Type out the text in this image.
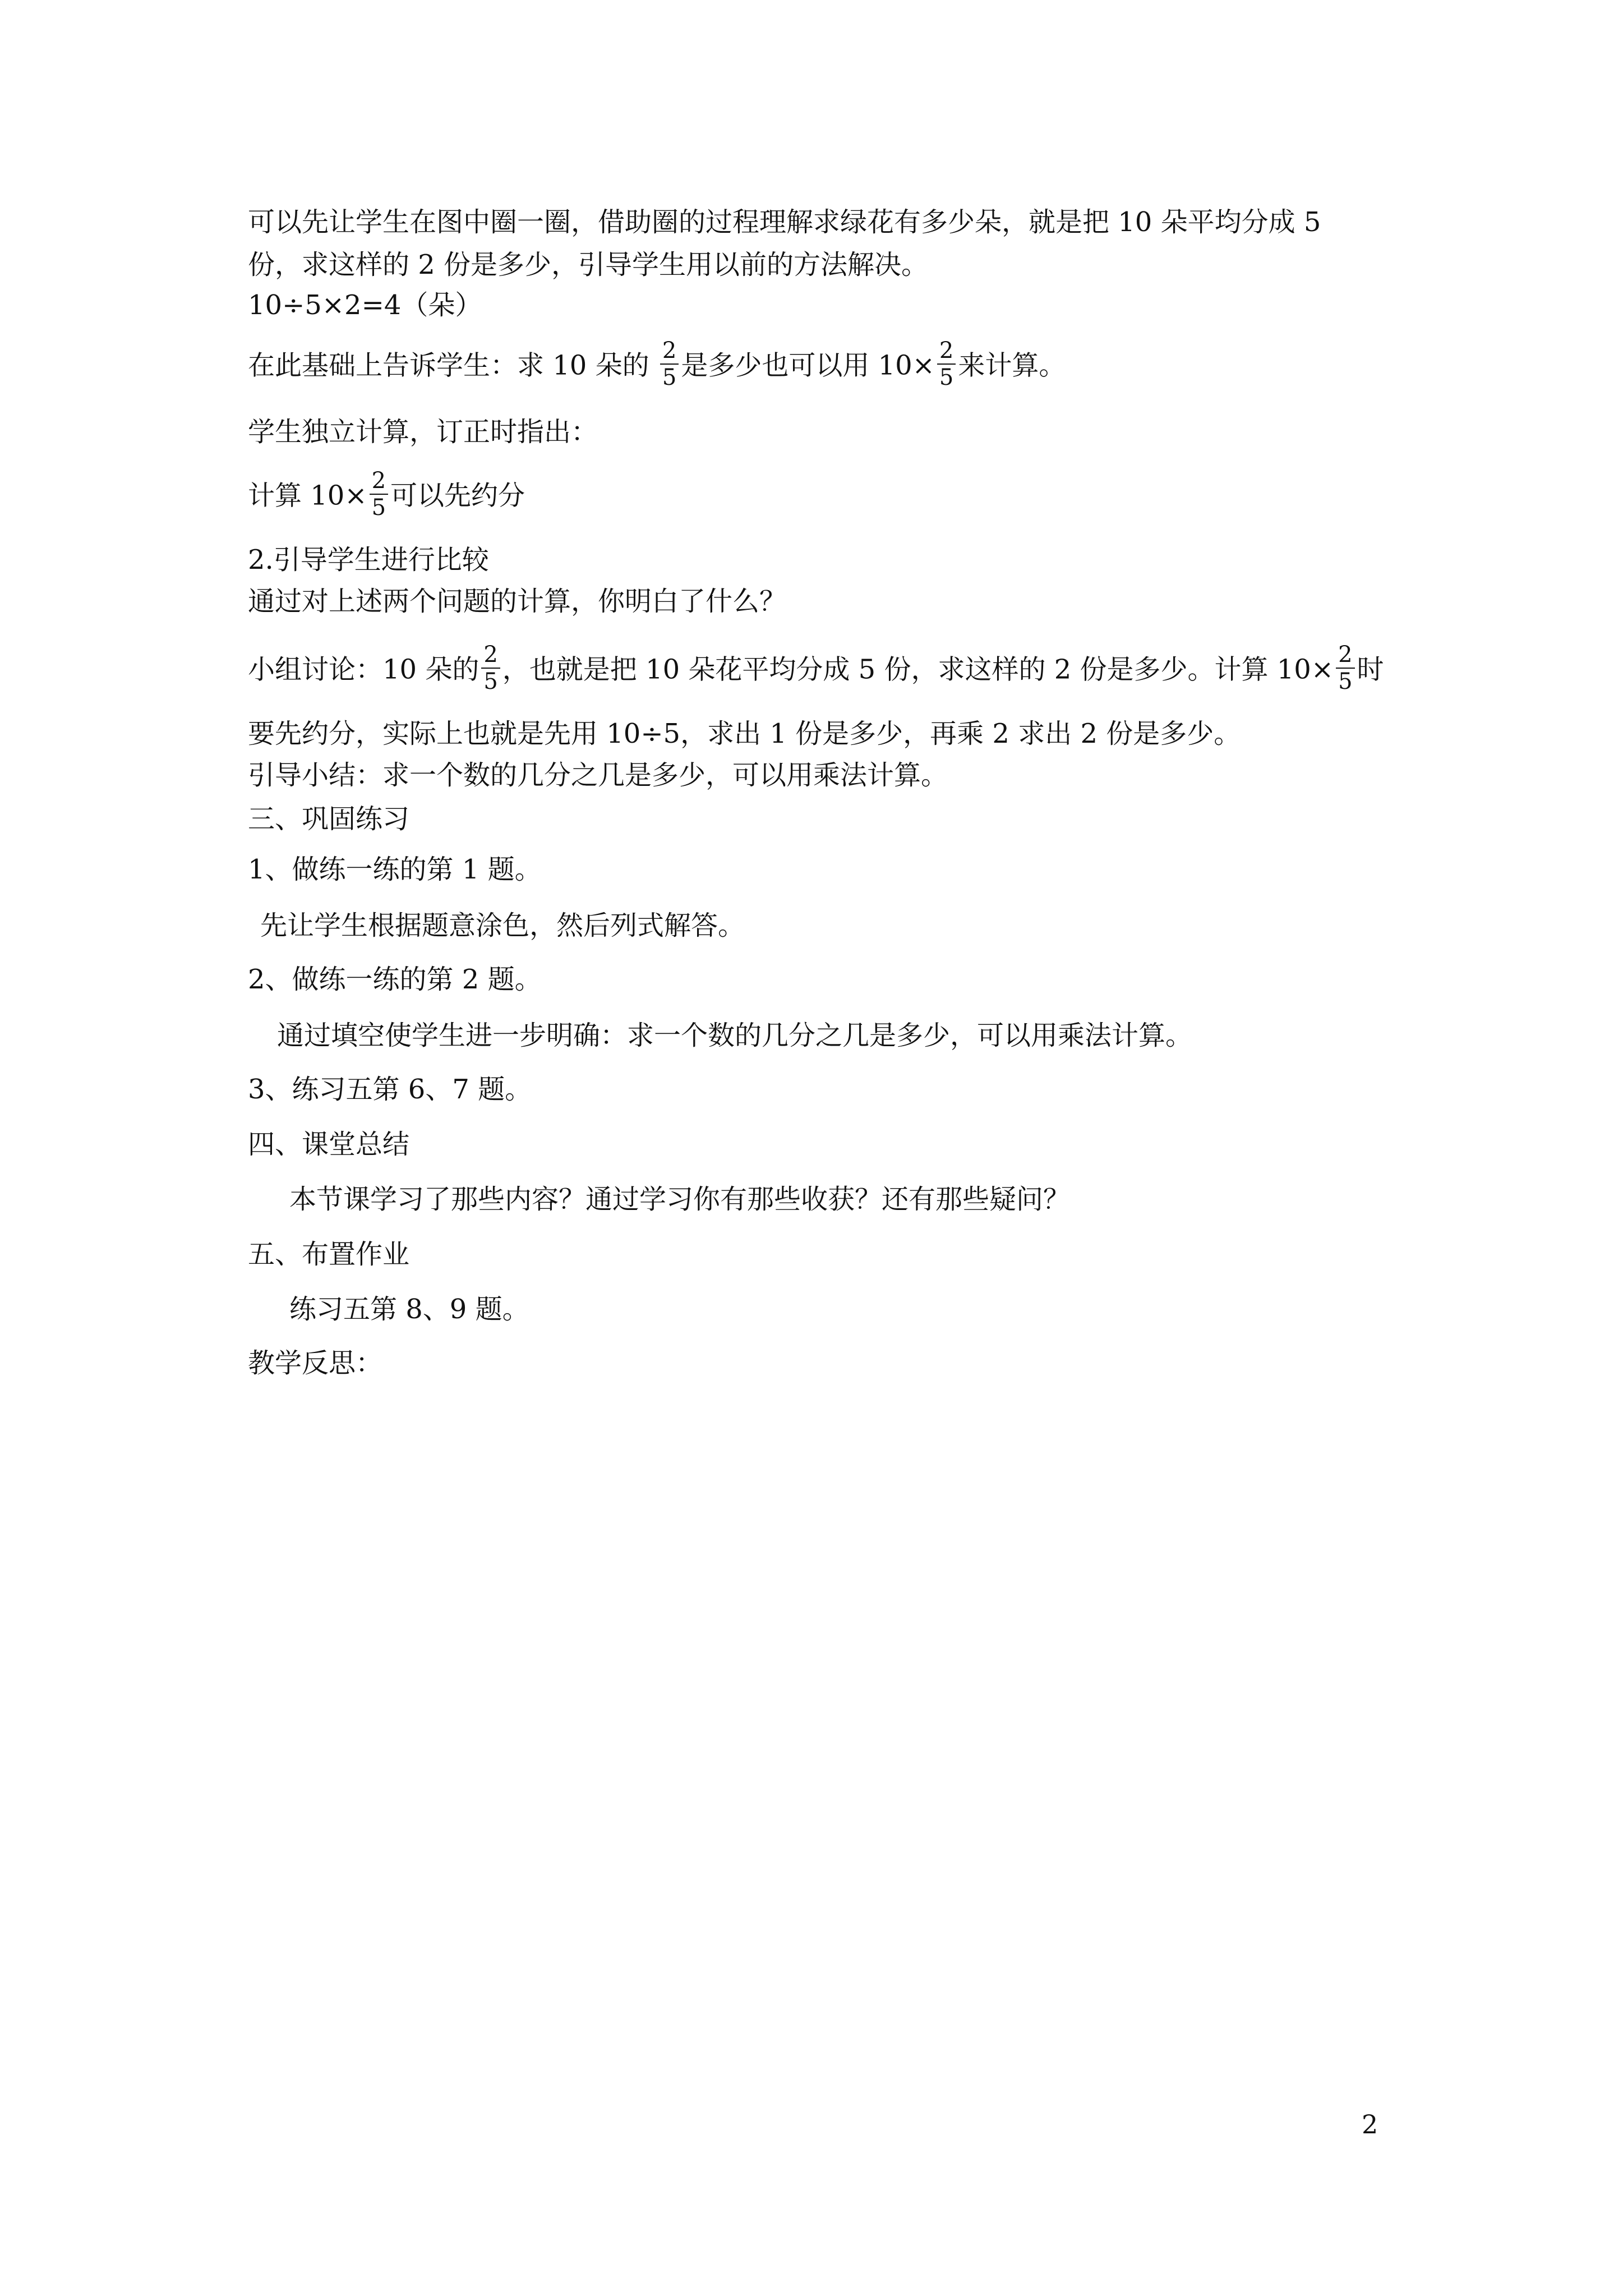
可以先让学生在图中圈一圈，借助圈的过程理解求绿花有多少朵，就是把 10 朵平均分成 5
份，求这样的 2 份是多少，引导学生用以前的方法解决。
10÷5×2=4（朵）
在此基础上告诉学生：求 10 朵的 $\frac{2}{5}$ 是多少也可以用 $10\times \frac{2}{5}$ 来计算。
学生独立计算，订正时指出：
计算 $10\times \frac{2}{5}$ 可以先约分
2.引导学生进行比较
通过对上述两个问题的计算，你明白了什么？
小组讨论：10 朵的 $\frac{2}{5}$ ，也就是把 10 朵花平均分成 5 份，求这样的 2 份是多少。计算 $10\times \frac{2}{5}$ 时
要先约分，实际上也就是先用 10÷5，求出 1 份是多少，再乘 2 求出 2 份是多少。
引导小结：求一个数的几分之几是多少，可以用乘法计算。
三、巩固练习
1、做练一练的第 1 题。
先让学生根据题意涂色，然后列式解答。
2、做练一练的第 2 题。
通过填空使学生进一步明确：求一个数的几分之几是多少，可以用乘法计算。
3、练习五第 6、7 题。
四、课堂总结
本节课学习了那些内容？通过学习你有那些收获？还有那些疑问？
五、布置作业
练习五第 8、9 题。
教学反思：
2
